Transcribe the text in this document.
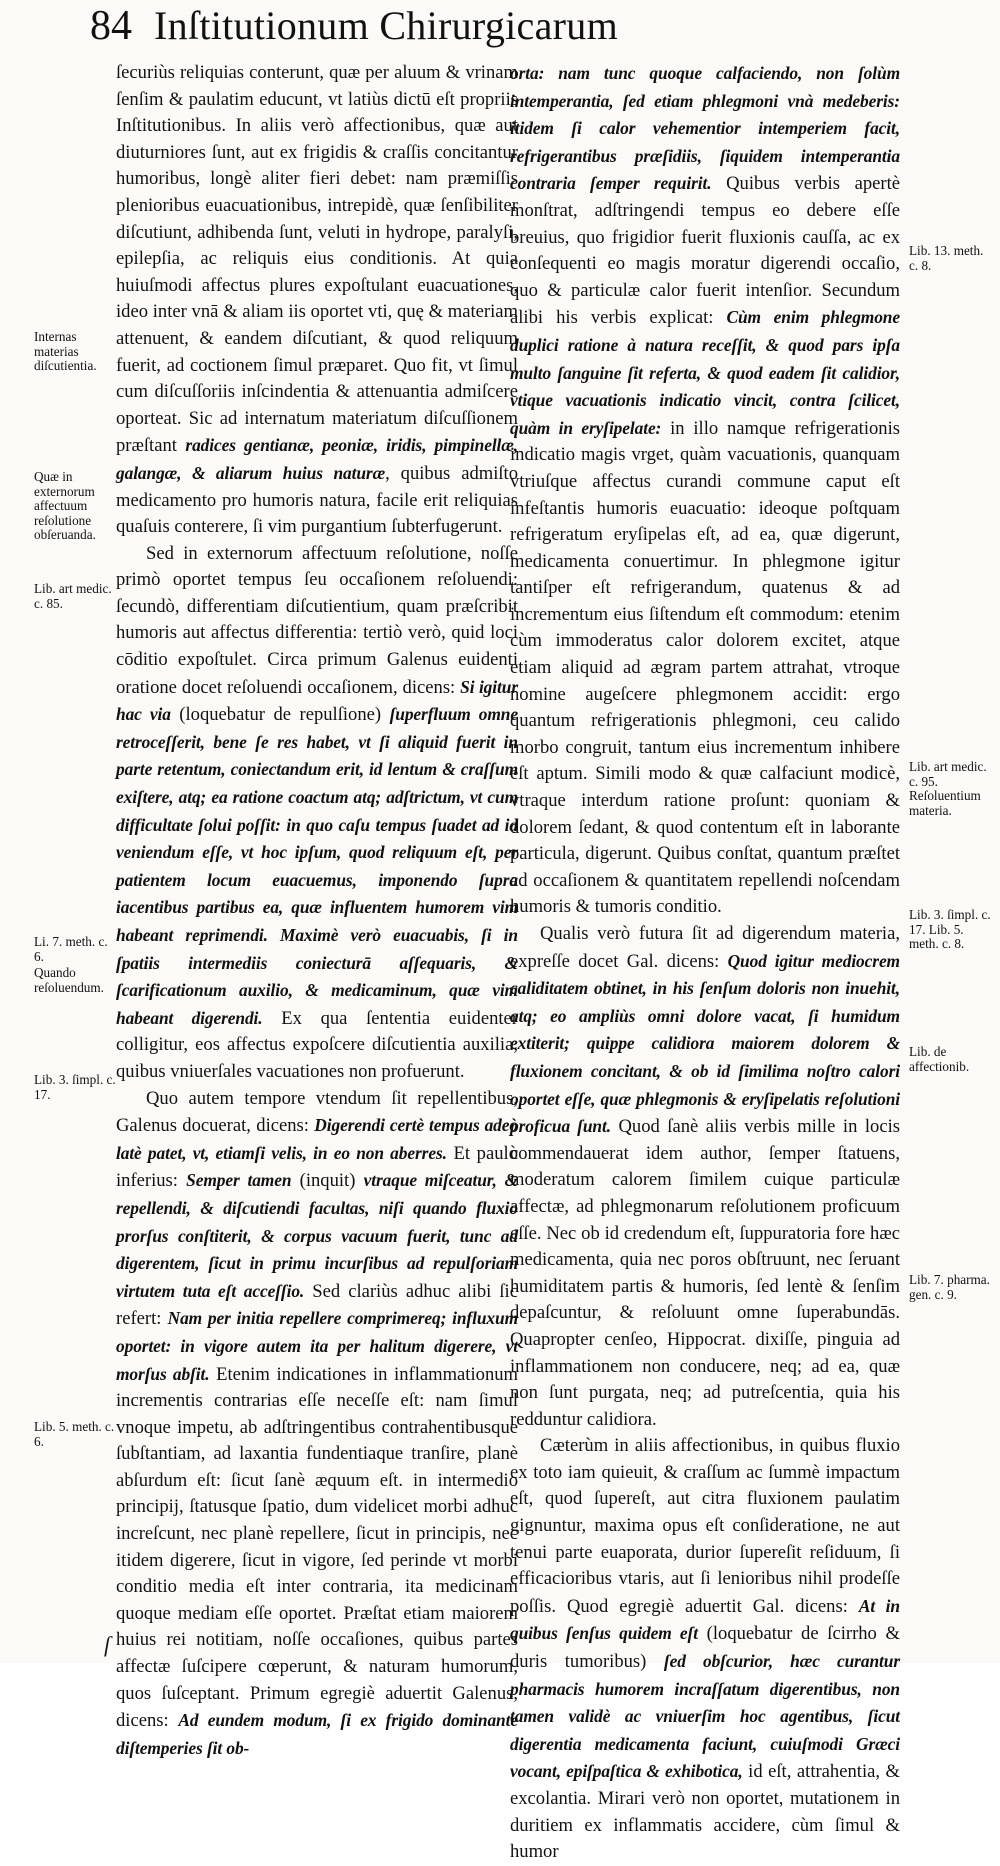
84 Inſtitutionum Chirurgicarum

ſecuriùs reliquias conterunt, quæ per aluum & vrinam ſenſim & paulatim educunt, vt latiùs dictū eſt propriis Inſtitutionibus. In aliis verò affectionibus, quæ aut diuturniores ſunt, aut ex frigidis & craſſis concitantur humoribus, longè aliter fieri debet: nam præmiſſis plenioribus euacuationibus, intrepidè, quæ ſenſibiliter diſcutiunt, adhibenda ſunt, veluti in hydrope, paralyſi, epilepſia, ac reliquis eius conditionis. At quia huiuſmodi affectus plures expoſtulant euacuationes, ideo inter vnā & aliam iis oportet vti, quę & materiam attenuent, & eandem diſcutiant, & quod reliquum fuerit, ad coctionem ſimul præparet. Quo fit, vt ſimul cum diſcuſſoriis inſcindentia & attenuantia admiſcere oporteat. Sic ad internatum materiatum diſcuſſionem præſtant radices gentianæ, peoniæ, iridis, pimpinellæ, galangæ, & aliarum huius naturæ, quibus admiſto medicamento pro humoris natura, facile erit reliquias quaſuis conterere, ſi vim purgantium ſubterfugerunt.

Sed in externorum affectuum reſolutione, noſſe primò oportet tempus ſeu occaſionem reſoluendi: ſecundò, differentiam diſcutientium, quam præſcribit humoris aut affectus differentia: tertiò verò, quid loci cōditio expoſtulet. Circa primum Galenus euidenti oratione docet reſoluendi occaſionem, dicens: Si igitur hac via (loquebatur de repulſione) ſuperfluum omne retroceſſerit, bene ſe res habet, vt ſi aliquid fuerit in parte retentum, coniectandum erit, id lentum & craſſum exiſtere, atq; ea ratione coactum atq; adſtrictum, vt cum difficultate ſolui poſſit: in quo caſu tempus ſuadet ad id veniendum eſſe, vt hoc ipſum, quod reliquum eſt, per patientem locum euacuemus, imponendo ſupra iacentibus partibus ea, quæ influentem humorem vim habeant reprimendi. Maximè verò euacuabis, ſi in ſpatiis intermediis coniecturā aſſequaris, & ſcarificationum auxilio, & medicaminum, quæ vim habeant digerendi. Ex qua ſententia euidenter colligitur, eos affectus expoſcere diſcutientia auxilia, quibus vniuerſales vacuationes non profuerunt.

Quo autem tempore vtendum ſit repellentibus, Galenus docuerat, dicens: Digerendi certè tempus adeò latè patet, vt, etiamſi velis, in eo non aberres. Et paulò inferius: Semper tamen (inquit) vtraque miſceatur, & repellendi, & diſcutiendi facultas, niſi quando fluxio prorſus conſtiterit, & corpus vacuum fuerit, tunc ad digerentem, ſicut in primu incurſibus ad repulſoriam virtutem tuta eſt acceſſio. Sed clariùs adhuc alibi ſic refert: Nam per initia repellere comprimereq; influxum oportet: in vigore autem ita per halitum digerere, vt morſus abſit. Etenim indicationes in inflammationum incrementis contrarias eſſe neceſſe eſt: nam ſimul vnoque impetu, ab adſtringentibus contrahentibusque ſubſtantiam, ad laxantia fundentiaque tranſire, planè abſurdum eſt: ſicut ſanè æquum eſt. in intermedio principij, ſtatusque ſpatio, dum videlicet morbi adhuc increſcunt, nec planè repellere, ſicut in principis, nec itidem digerere, ſicut in vigore, ſed perinde vt morbi conditio media eſt inter contraria, ita medicinam quoque mediam eſſe oportet. Præſtat etiam maiorem huius rei notitiam, noſſe occaſiones, quibus partes affectæ ſuſcipere cœperunt, & naturam humorum, quos ſuſceptant. Primum egregiè aduertit Galenus, dicens: Ad eundem modum, ſi ex frigido dominante diſtemperies ſit ob-

orta: nam tunc quoque calfaciendo, non ſolùm intemperantia, ſed etiam phlegmoni vnà medeberis: itidem ſi calor vehementior intemperiem facit, refrigerantibus præſidiis, ſiquidem intemperantia contraria ſemper requirit. Quibus verbis apertè monſtrat, adſtringendi tempus eo debere eſſe breuius, quo frigidior fuerit fluxionis cauſſa, ac ex conſequenti eo magis moratur digerendi occaſio, quo & particulæ calor fuerit intenſior. Secundum alibi his verbis explicat: Cùm enim phlegmone duplici ratione à natura receſſit, & quod pars ipſa multo ſanguine ſit referta, & quod eadem ſit calidior, vtique vacuationis indicatio vincit, contra ſcilicet, quàm in eryſipelate: in illo namque refrigerationis indicatio magis vrget, quàm vacuationis, quanquam vtriuſque affectus curandi commune caput eſt infeſtantis humoris euacuatio: ideoque poſtquam refrigeratum eryſipelas eſt, ad ea, quæ digerunt, medicamenta conuertimur. In phlegmone igitur tantiſper eſt refrigerandum, quatenus & ad incrementum eius ſiſtendum eſt commodum: etenim cùm immoderatus calor dolorem excitet, atque etiam aliquid ad ægram partem attrahat, vtroque nomine augeſcere phlegmonem accidit: ergo quantum refrigerationis phlegmoni, ceu calido morbo congruit, tantum eius incrementum inhibere eſt aptum. Simili modo & quæ calfaciunt modicè, vtraque interdum ratione proſunt: quoniam & dolorem ſedant, & quod contentum eſt in laborante particula, digerunt. Quibus conſtat, quantum præſtet ad occaſionem & quantitatem repellendi noſcendam humoris & tumoris conditio.

Qualis verò futura ſit ad digerendum materia, expreſſe docet Gal. dicens: Quod igitur mediocrem caliditatem obtinet, in his ſenſum doloris non inuehit, atq; eo ampliùs omni dolore vacat, ſi humidum extiterit; quippe calidiora maiorem dolorem & fluxionem concitant, & ob id ſimilima noſtro calori oportet eſſe, quæ phlegmonis & eryſipelatis reſolutioni proficua ſunt. Quod ſanè aliis verbis mille in locis commendauerat idem author, ſemper ſtatuens, moderatum calorem ſimilem cuique particulæ affectæ, ad phlegmonarum reſolutionem proficuum eſſe. Nec ob id credendum eſt, ſuppuratoria fore hæc medicamenta, quia nec poros obſtruunt, nec ſeruant humiditatem partis & humoris, ſed lentè & ſenſim depaſcuntur, & reſoluunt omne ſuperabundās. Quapropter cenſeo, Hippocrat. dixiſſe, pinguia ad inflammationem non conducere, neq; ad ea, quæ non ſunt purgata, neq; ad putreſcentia, quia his redduntur calidiora.

Cæterùm in aliis affectionibus, in quibus fluxio ex toto iam quieuit, & craſſum ac ſummè impactum eſt, quod ſupereſt, aut citra fluxionem paulatim gignuntur, maxima opus eſt conſideratione, ne aut tenui parte euaporata, durior ſupereſit reſiduum, ſi efficacioribus vtaris, aut ſi lenioribus nihil prodeſſe poſſis. Quod egregiè aduertit Gal. dicens: At in quibus ſenſus quidem eſt (loquebatur de ſcirrho & duris tumoribus) ſed obſcurior, hæc curantur pharmacis humorem incraſſatum digerentibus, non tamen validè ac vniuerſim hoc agentibus, ſicut digerentia medicamenta faciunt, cuiuſmodi Græci vocant, epiſpaſtica & exhibotica, id eſt, attrahentia, & excolantia. Mirari verò non oportet, mutationem in duritiem ex inflammatis accidere, cùm ſimul & humor

Internas materias diſcutientia.
Quæ in externorum affectuum reſolutione obſeruanda.
Lib. art medic. c. 85.
Li. 7. meth. c. 6.
Quando reſoluendum.
Lib. 3. ſimpl. c. 17.
Lib. 5. meth. c. 6.
Lib. 13. meth. c. 8.
Lib. art medic. c. 95. Reſoluentium materia.
Lib. 3. ſimpl. c. 17. Lib. 5. meth. c. 8.
Lib. de affectionib.
Lib. 7. pharma. gen. c. 9.
ſ
